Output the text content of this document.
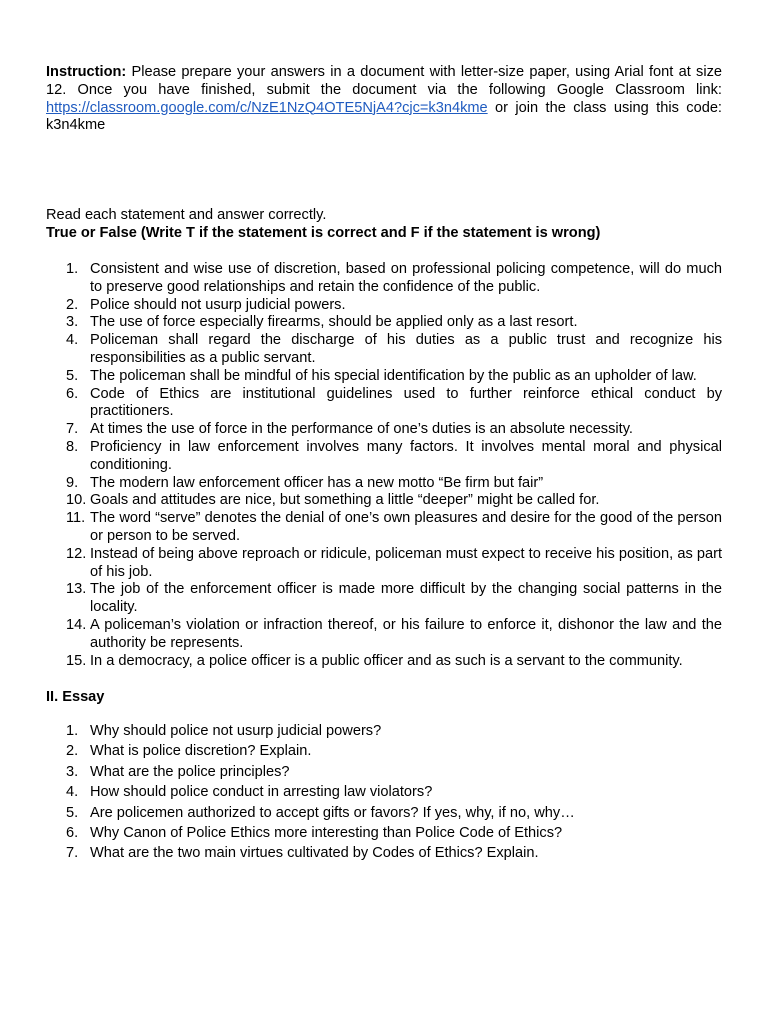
Instruction: Please prepare your answers in a document with letter-size paper, using Arial font at size 12. Once you have finished, submit the document via the following Google Classroom link: https://classroom.google.com/c/NzE1NzQ4OTE5NjA4?cjc=k3n4kme or join the class using this code: k3n4kme

Read each statement and answer correctly.

True or False (Write T if the statement is correct and F if the statement is wrong)

1. Consistent and wise use of discretion, based on professional policing competence, will do much to preserve good relationships and retain the confidence of the public.
2. Police should not usurp judicial powers.
3. The use of force especially firearms, should be applied only as a last resort.
4. Policeman shall regard the discharge of his duties as a public trust and recognize his responsibilities as a public servant.
5. The policeman shall be mindful of his special identification by the public as an upholder of law.
6. Code of Ethics are institutional guidelines used to further reinforce ethical conduct by practitioners.
7. At times the use of force in the performance of one’s duties is an absolute necessity.
8. Proficiency in law enforcement involves many factors. It involves mental moral and physical conditioning.
9. The modern law enforcement officer has a new motto “Be firm but fair”
10. Goals and attitudes are nice, but something a little “deeper” might be called for.
11. The word “serve” denotes the denial of one’s own pleasures and desire for the good of the person or person to be served.
12. Instead of being above reproach or ridicule, policeman must expect to receive his position, as part of his job.
13. The job of the enforcement officer is made more difficult by the changing social patterns in the locality.
14. A policeman’s violation or infraction thereof, or his failure to enforce it, dishonor the law and the authority be represents.
15. In a democracy, a police officer is a public officer and as such is a servant to the community.

II. Essay

1. Why should police not usurp judicial powers?
2. What is police discretion? Explain.
3. What are the police principles?
4. How should police conduct in arresting law violators?
5. Are policemen authorized to accept gifts or favors? If yes, why, if no, why…
6. Why Canon of Police Ethics more interesting than Police Code of Ethics?
7. What are the two main virtues cultivated by Codes of Ethics? Explain.
